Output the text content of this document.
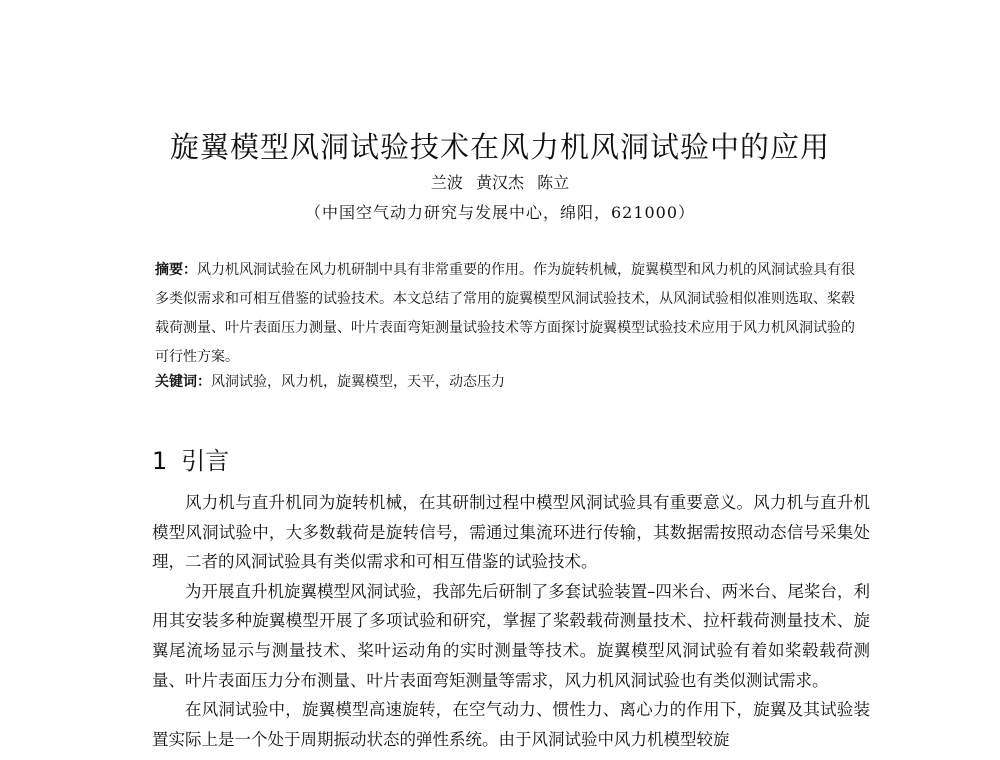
旋翼模型风洞试验技术在风力机风洞试验中的应用
兰波 黄汉杰 陈立
（中国空气动力研究与发展中心，绵阳，621000）
摘要：风力机风洞试验在风力机研制中具有非常重要的作用。作为旋转机械，旋翼模型和风力机的风洞试验具有很多类似需求和可相互借鉴的试验技术。本文总结了常用的旋翼模型风洞试验技术，从风洞试验相似准则选取、桨毂载荷测量、叶片表面压力测量、叶片表面弯矩测量试验技术等方面探讨旋翼模型试验技术应用于风力机风洞试验的可行性方案。
关键词：风洞试验，风力机，旋翼模型，天平，动态压力
1 引言

风力机与直升机同为旋转机械，在其研制过程中模型风洞试验具有重要意义。风力机与直升机模型风洞试验中，大多数载荷是旋转信号，需通过集流环进行传输，其数据需按照动态信号采集处理，二者的风洞试验具有类似需求和可相互借鉴的试验技术。

为开展直升机旋翼模型风洞试验，我部先后研制了多套试验装置–四米台、两米台、尾桨台，利用其安装多种旋翼模型开展了多项试验和研究，掌握了桨毂载荷测量技术、拉杆载荷测量技术、旋翼尾流场显示与测量技术、桨叶运动角的实时测量等技术。旋翼模型风洞试验有着如桨毂载荷测量、叶片表面压力分布测量、叶片表面弯矩测量等需求，风力机风洞试验也有类似测试需求。

在风洞试验中，旋翼模型高速旋转，在空气动力、惯性力、离心力的作用下，旋翼及其试验装置实际上是一个处于周期振动状态的弹性系统。由于风洞试验中风力机模型较旋
